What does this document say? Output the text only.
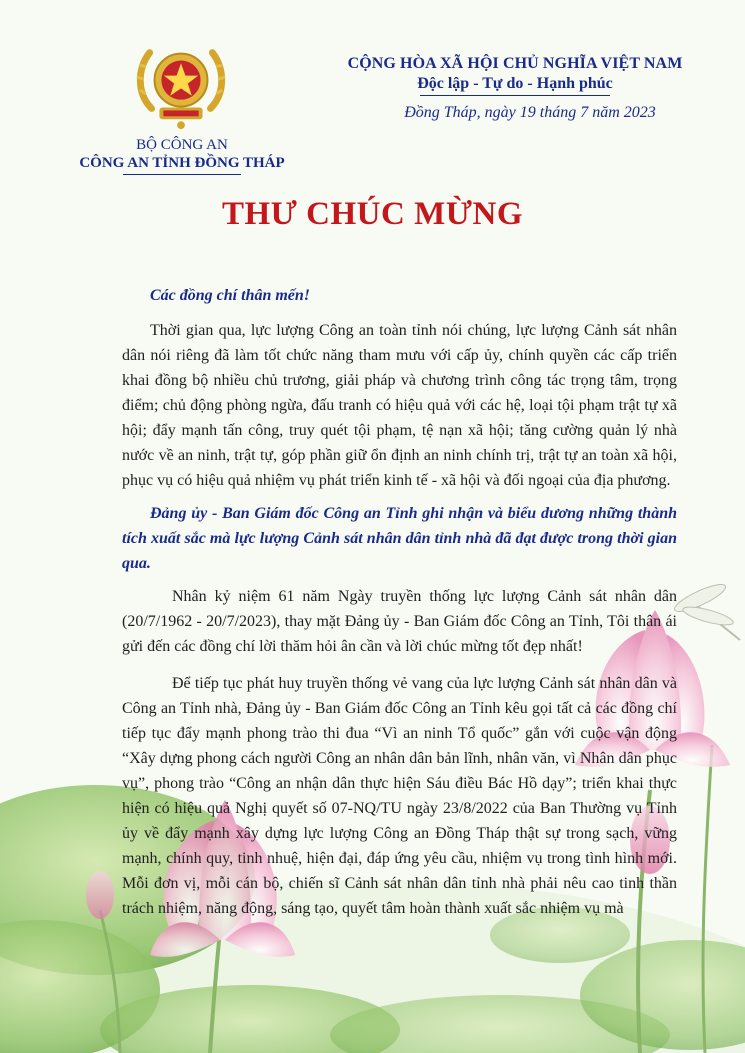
BỘ CÔNG AN
CÔNG AN TỈNH ĐỒNG THÁP
CỘNG HÒA XÃ HỘI CHỦ NGHĨA VIỆT NAM
Độc lập - Tự do - Hạnh phúc
Đồng Tháp, ngày 19 tháng 7 năm 2023
THƯ CHÚC MỪNG

Các đồng chí thân mến!

Thời gian qua, lực lượng Công an toàn tỉnh nói chúng, lực lượng Cảnh sát nhân dân nói riêng đã làm tốt chức năng tham mưu với cấp ủy, chính quyền các cấp triển khai đồng bộ nhiều chủ trương, giải pháp và chương trình công tác trọng tâm, trọng điểm; chủ động phòng ngừa, đấu tranh có hiệu quả với các hệ, loại tội phạm trật tự xã hội; đẩy mạnh tấn công, truy quét tội phạm, tệ nạn xã hội; tăng cường quản lý nhà nước về an ninh, trật tự, góp phần giữ ổn định an ninh chính trị, trật tự an toàn xã hội, phục vụ có hiệu quả nhiệm vụ phát triển kinh tế - xã hội và đối ngoại của địa phương.

Đảng ủy - Ban Giám đốc Công an Tỉnh ghi nhận và biểu dương những thành tích xuất sắc mà lực lượng Cảnh sát nhân dân tỉnh nhà đã đạt được trong thời gian qua.

Nhân kỷ niệm 61 năm Ngày truyền thống lực lượng Cảnh sát nhân dân (20/7/1962 - 20/7/2023), thay mặt Đảng ủy - Ban Giám đốc Công an Tỉnh, Tôi thân ái gửi đến các đồng chí lời thăm hỏi ân cần và lời chúc mừng tốt đẹp nhất!

Để tiếp tục phát huy truyền thống vẻ vang của lực lượng Cảnh sát nhân dân và Công an Tỉnh nhà, Đảng ủy - Ban Giám đốc Công an Tỉnh kêu gọi tất cả các đồng chí tiếp tục đẩy mạnh phong trào thi đua “Vì an ninh Tổ quốc” gắn với cuộc vận động “Xây dựng phong cách người Công an nhân dân bản lĩnh, nhân văn, vì Nhân dân phục vụ”, phong trào “Công an nhận dân thực hiện Sáu điều Bác Hồ dạy”; triển khai thực hiện có hiệu quả Nghị quyết số 07-NQ/TU ngày 23/8/2022 của Ban Thường vụ Tỉnh ủy về đẩy mạnh xây dựng lực lượng Công an Đồng Tháp thật sự trong sạch, vững mạnh, chính quy, tinh nhuệ, hiện đại, đáp ứng yêu cầu, nhiệm vụ trong tình hình mới. Mỗi đơn vị, mỗi cán bộ, chiến sĩ Cảnh sát nhân dân tỉnh nhà phải nêu cao tinh thần trách nhiệm, năng động, sáng tạo, quyết tâm hoàn thành xuất sắc nhiệm vụ mà
